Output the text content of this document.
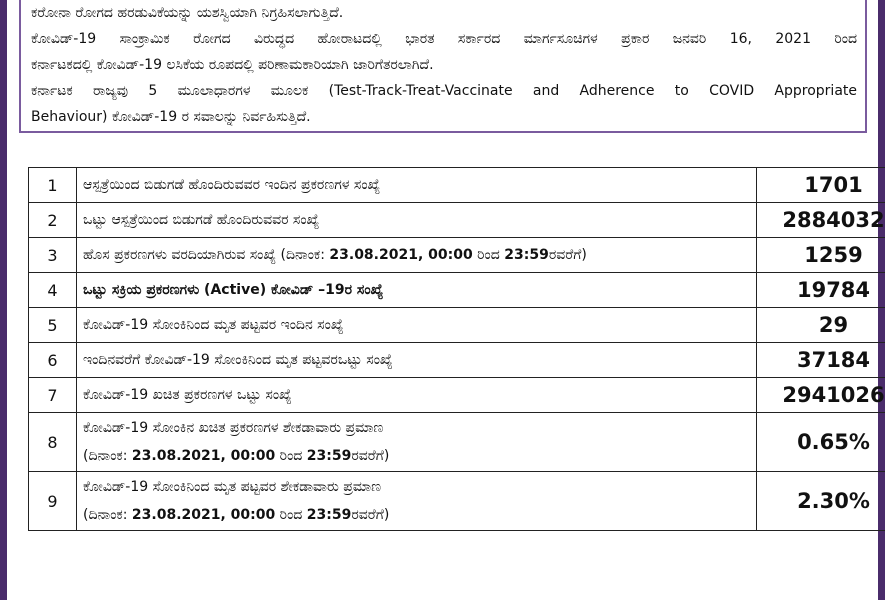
ಕರೋನಾ ರೋಗದ ಹರಡುವಿಕೆಯನ್ನು ಯಶಸ್ವಿಯಾಗಿ ನಿಗ್ರಹಿಸಲಾಗುತ್ತಿದೆ.
ಕೋವಿಡ್-19 ಸಾಂಕ್ರಾಮಿಕ ರೋಗದ ವಿರುದ್ಧದ ಹೋರಾಟದಲ್ಲಿ ಭಾರತ ಸರ್ಕಾರದ ಮಾರ್ಗಸೂಚಿಗಳ ಪ್ರಕಾರ ಜನವರಿ 16, 2021 ರಿಂದ
ಕರ್ನಾಟಕದಲ್ಲಿ ಕೋವಿಡ್-19 ಲಸಿಕೆಯ ರೂಪದಲ್ಲಿ ಪರಿಣಾಮಕಾರಿಯಾಗಿ ಜಾರಿಗೆತರಲಾಗಿದೆ.
ಕರ್ನಾಟಕ ರಾಜ್ಯವು 5 ಮೂಲಾಧಾರಗಳ ಮೂಲಕ (Test-Track-Treat-Vaccinate and Adherence to COVID Appropriate
Behaviour) ಕೋವಿಡ್-19 ರ ಸವಾಲನ್ನು ನಿರ್ವಹಿಸುತ್ತಿದೆ.
1	ಆಸ್ಪತ್ರೆಯಿಂದ ಬಿಡುಗಡೆ ಹೊಂದಿರುವವರ ಇಂದಿನ ಪ್ರಕರಣಗಳ ಸಂಖ್ಯೆ	1701
2	ಒಟ್ಟು ಆಸ್ಪತ್ರೆಯಿಂದ ಬಿಡುಗಡೆ ಹೊಂದಿರುವವರ ಸಂಖ್ಯೆ	2884032
3	ಹೊಸ ಪ್ರಕರಣಗಳು ವರದಿಯಾಗಿರುವ ಸಂಖ್ಯೆ (ದಿನಾಂಕ: 23.08.2021, 00:00 ರಿಂದ 23:59ರವರೆಗೆ)	1259
4	ಒಟ್ಟು ಸಕ್ರಿಯ ಪ್ರಕರಣಗಳು (Active) ಕೋವಿಡ್ –19ರ ಸಂಖ್ಯೆ	19784
5	ಕೋವಿಡ್-19 ಸೋಂಕಿನಿಂದ ಮೃತ ಪಟ್ಟವರ ಇಂದಿನ ಸಂಖ್ಯೆ	29
6	ಇಂದಿನವರೆಗೆ ಕೋವಿಡ್-19 ಸೋಂಕಿನಿಂದ ಮೃತ ಪಟ್ಟವರಒಟ್ಟು ಸಂಖ್ಯೆ	37184
7	ಕೋವಿಡ್-19 ಖಚಿತ ಪ್ರಕರಣಗಳ ಒಟ್ಟು ಸಂಖ್ಯೆ	2941026
8	ಕೋವಿಡ್-19 ಸೋಂಕಿನ ಖಚಿತ ಪ್ರಕರಣಗಳ ಶೇಕಡಾವಾರು ಪ್ರಮಾಣ
(ದಿನಾಂಕ: 23.08.2021, 00:00 ರಿಂದ 23:59ರವರೆಗೆ)	0.65%
9	ಕೋವಿಡ್-19 ಸೋಂಕಿನಿಂದ ಮೃತ ಪಟ್ಟವರ ಶೇಕಡಾವಾರು ಪ್ರಮಾಣ
(ದಿನಾಂಕ: 23.08.2021, 00:00 ರಿಂದ 23:59ರವರೆಗೆ)	2.30%
